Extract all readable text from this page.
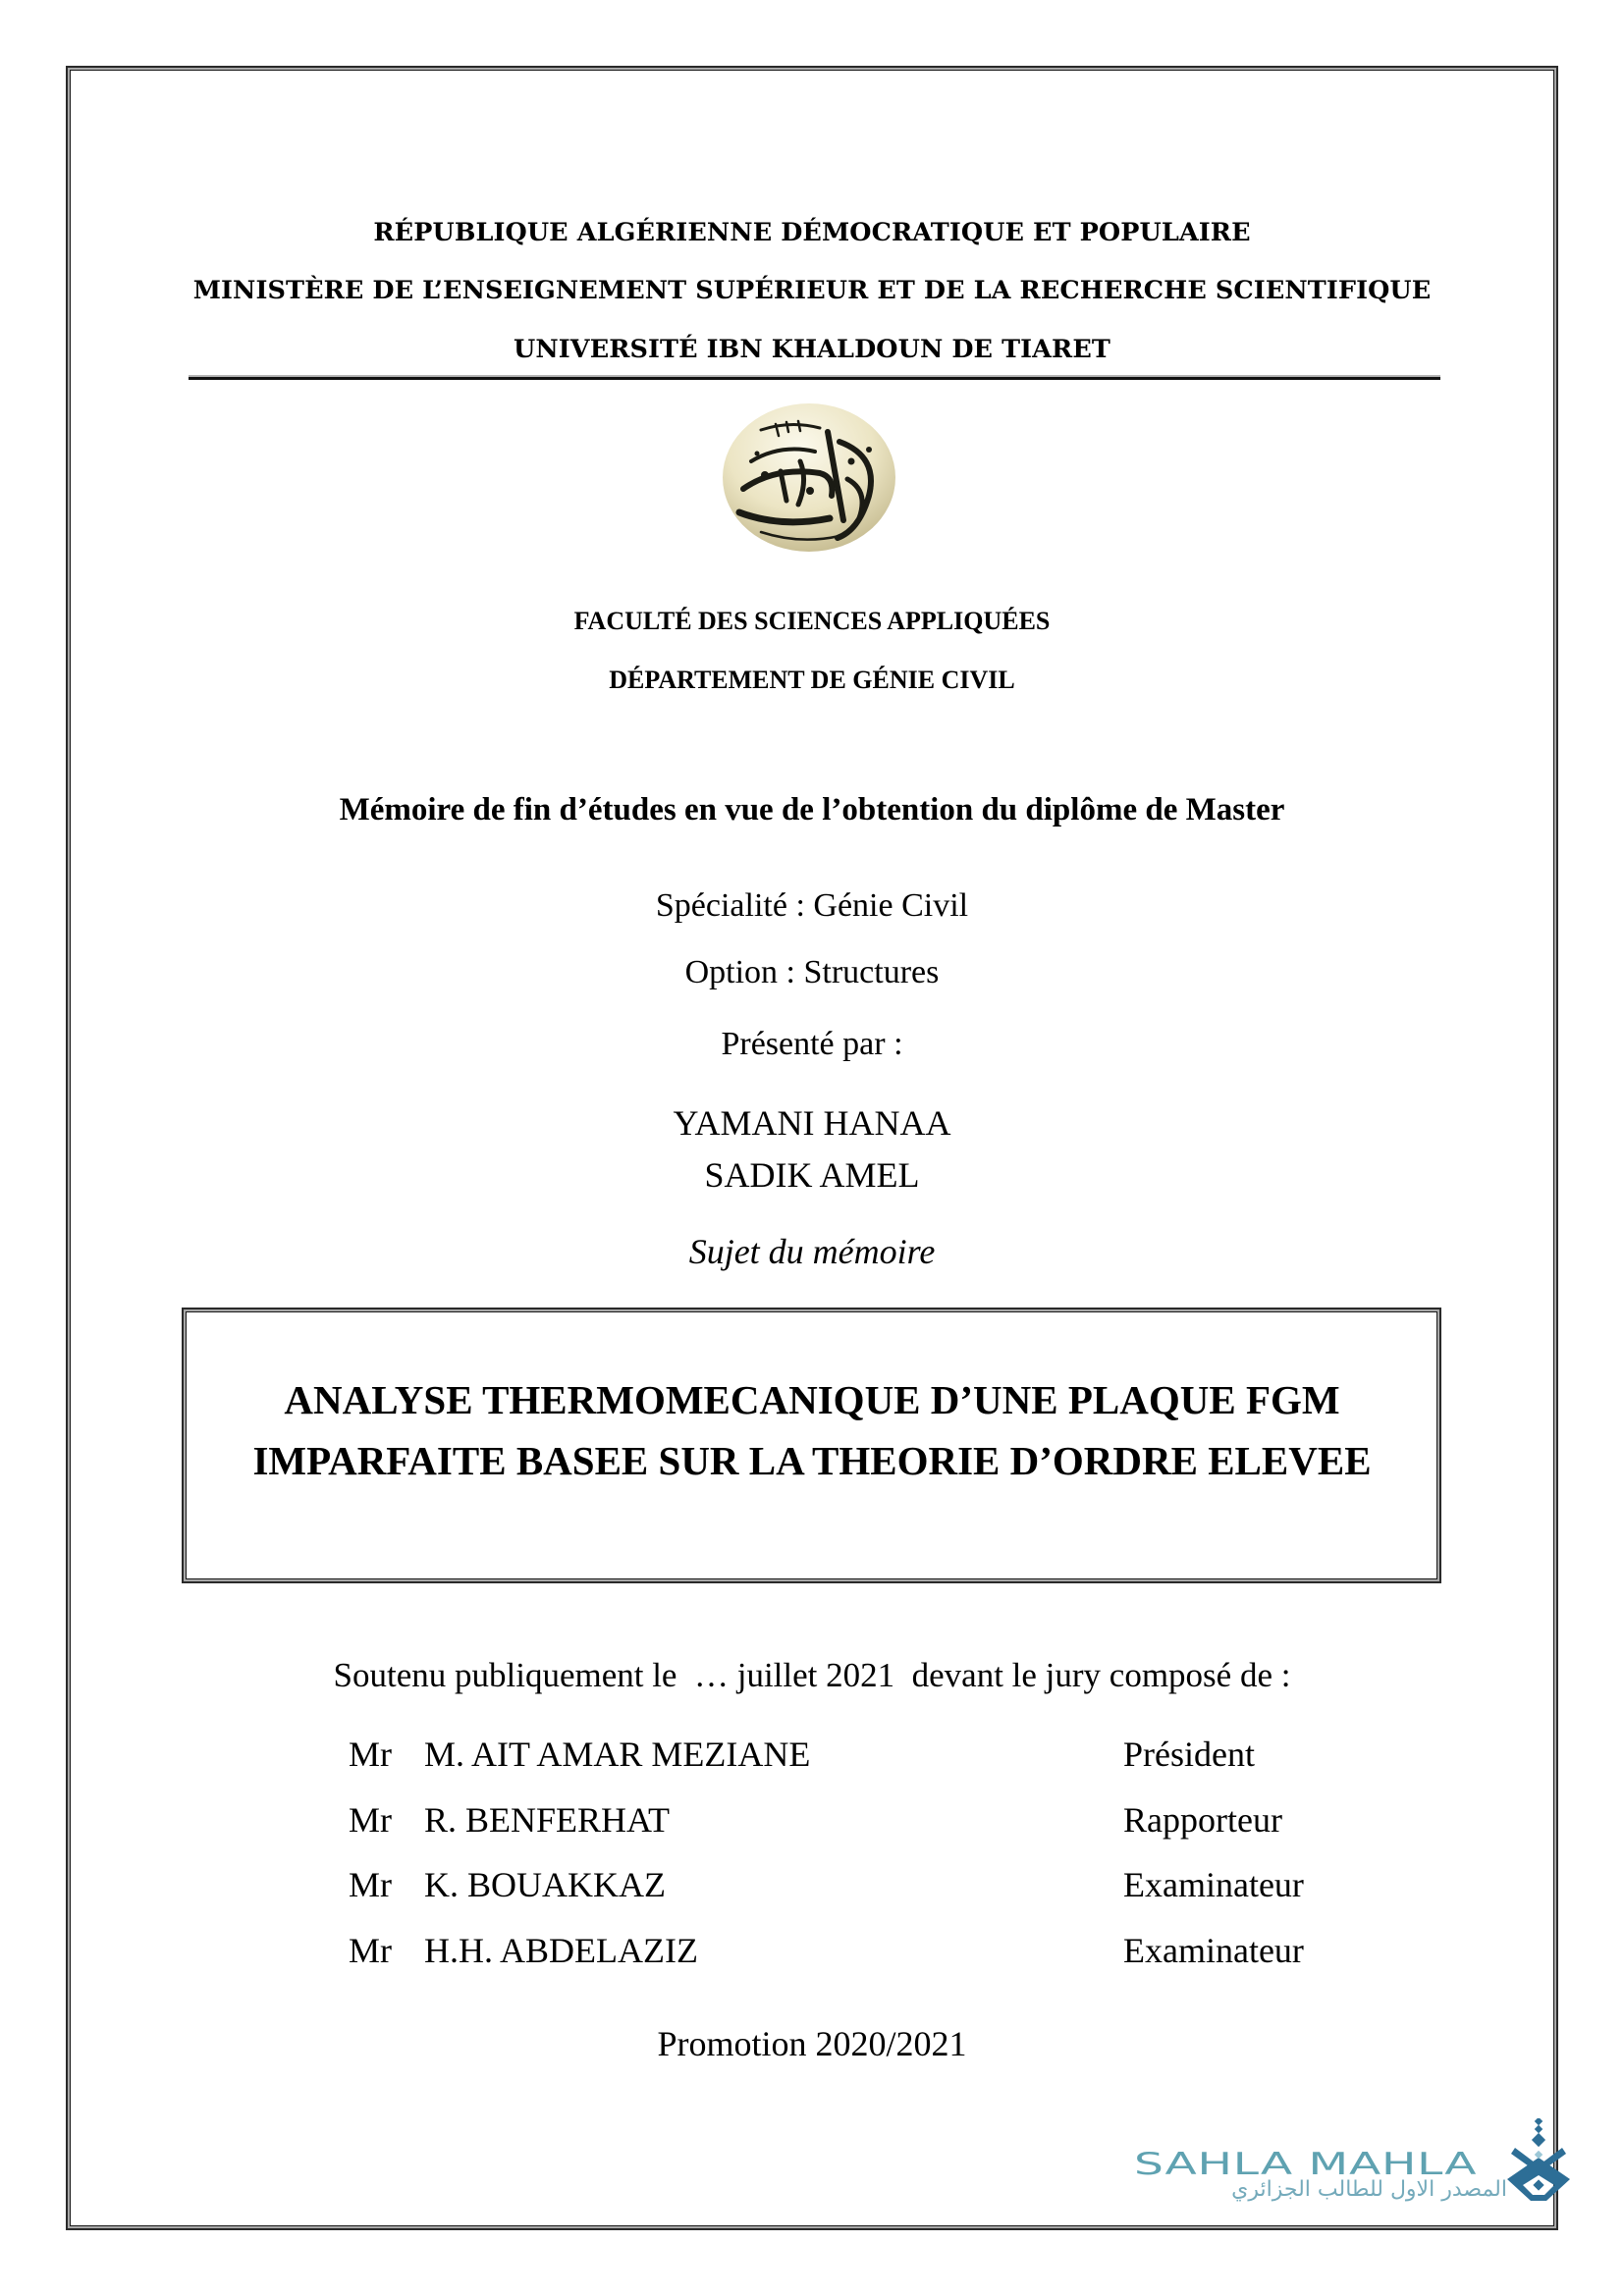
RÉPUBLIQUE ALGÉRIENNE DÉMOCRATIQUE ET POPULAIRE
MINISTÈRE DE L’ENSEIGNEMENT SUPÉRIEUR ET DE LA RECHERCHE SCIENTIFIQUE
UNIVERSITÉ IBN KHALDOUN DE TIARET
FACULTÉ DES SCIENCES APPLIQUÉES
DÉPARTEMENT DE GÉNIE CIVIL
Mémoire de fin d’études en vue de l’obtention du diplôme de Master
Spécialité : Génie Civil
Option : Structures
Présenté par :
YAMANI HANAA
SADIK AMEL
Sujet du mémoire
ANALYSE THERMOMECANIQUE D’UNE PLAQUE FGM
IMPARFAITE BASEE SUR LA THEORIE D’ORDRE ELEVEE
Soutenu publiquement le  … juillet 2021  devant le jury composé de :
Mr M. AIT AMAR MEZIANE	Président
Mr R. BENFERHAT	Rapporteur
Mr K. BOUAKKAZ	Examinateur
Mr H.H. ABDELAZIZ	Examinateur
Promotion 2020/2021
SAHLA MAHLA
المصدر الاول للطالب الجزائري
